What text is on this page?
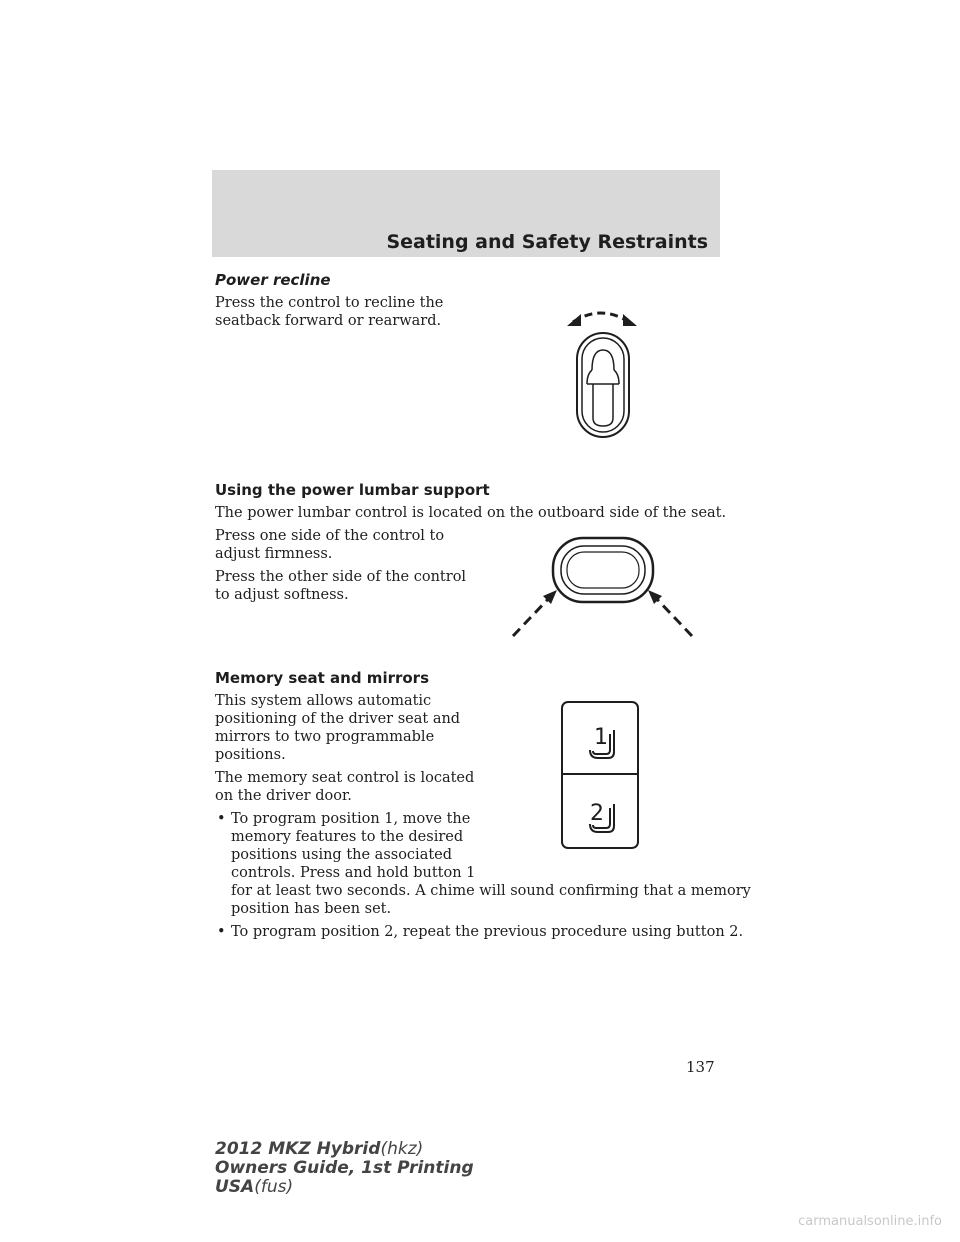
Seating and Safety Restraints
Power recline
Press the control to recline the
seatback forward or rearward.
Using the power lumbar support
The power lumbar control is located on the outboard side of the seat.
Press one side of the control to
adjust firmness.
Press the other side of the control
to adjust softness.
Memory seat and mirrors
This system allows automatic
positioning of the driver seat and
mirrors to two programmable
positions.
The memory seat control is located
on the driver door.
• To program position 1, move the
memory features to the desired
positions using the associated
controls. Press and hold button 1
for at least two seconds. A chime will sound confirming that a memory
position has been set.
• To program position 2, repeat the previous procedure using button 2.
1
2
137
2012 MKZ Hybrid(hkz)
Owners Guide, 1st Printing
USA(fus)
carmanualsonline.info
